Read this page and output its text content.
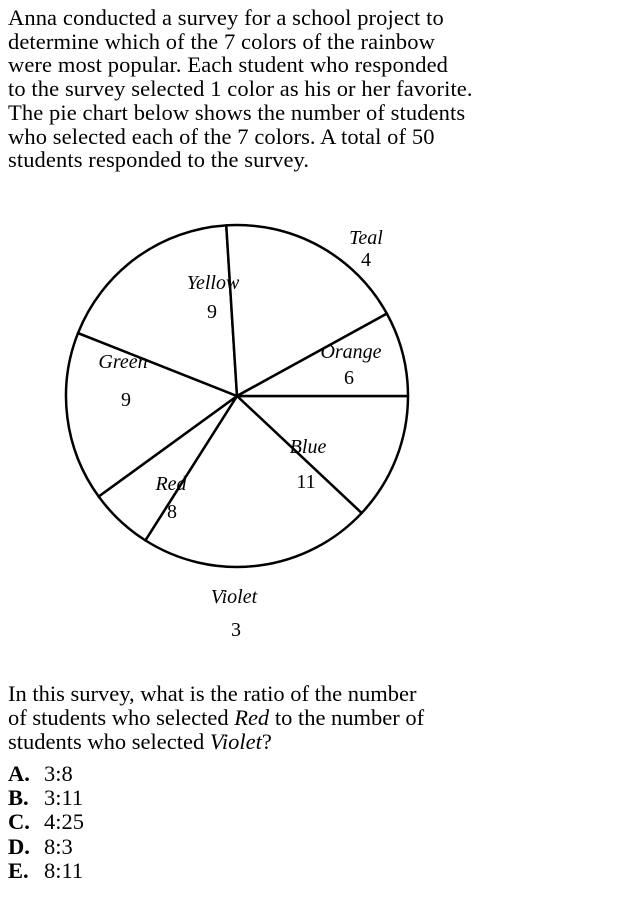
Anna conducted a survey for a school project to
determine which of the 7 colors of the rainbow
were most popular. Each student who responded
to the survey selected 1 color as his or her favorite.
The pie chart below shows the number of students
who selected each of the 7 colors. A total of 50
students responded to the survey.

Teal
4
Yellow
9
Orange
6
Green
9
Blue
11
Red
8
Violet
3

In this survey, what is the ratio of the number
of students who selected Red to the number of
students who selected Violet?

A. 3:8
B. 3:11
C. 4:25
D. 8:3
E. 8:11
